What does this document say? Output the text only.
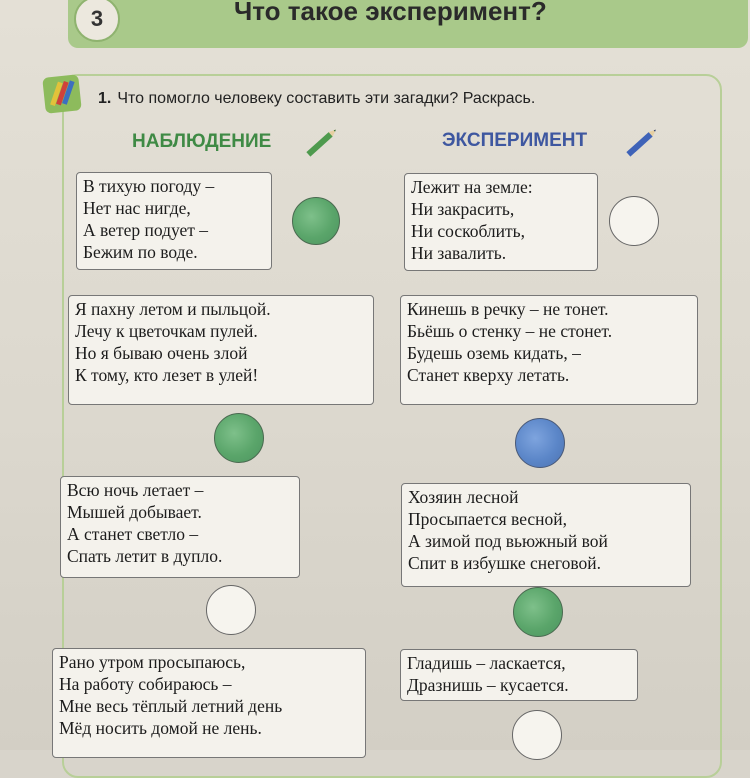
3	Что такое эксперимент?
1. Что помогло человеку составить эти загадки? Раскрась.
НАБЛЮДЕНИЕ	ЭКСПЕРИМЕНТ
В тихую погоду –
Нет нас нигде,
А ветер подует –
Бежим по воде.
Лежит на земле:
Ни закрасить,
Ни соскоблить,
Ни завалить.
Я пахну летом и пыльцой.
Лечу к цветочкам пулей.
Но я бываю очень злой
К тому, кто лезет в улей!
Кинешь в речку – не тонет.
Бьёшь о стенку – не стонет.
Будешь оземь кидать, –
Станет кверху летать.
Всю ночь летает –
Мышей добывает.
А станет светло –
Спать летит в дупло.
Хозяин лесной
Просыпается весной,
А зимой под вьюжный вой
Спит в избушке снеговой.
Рано утром просыпаюсь,
На работу собираюсь –
Мне весь тёплый летний день
Мёд носить домой не лень.
Гладишь – ласкается,
Дразнишь – кусается.
